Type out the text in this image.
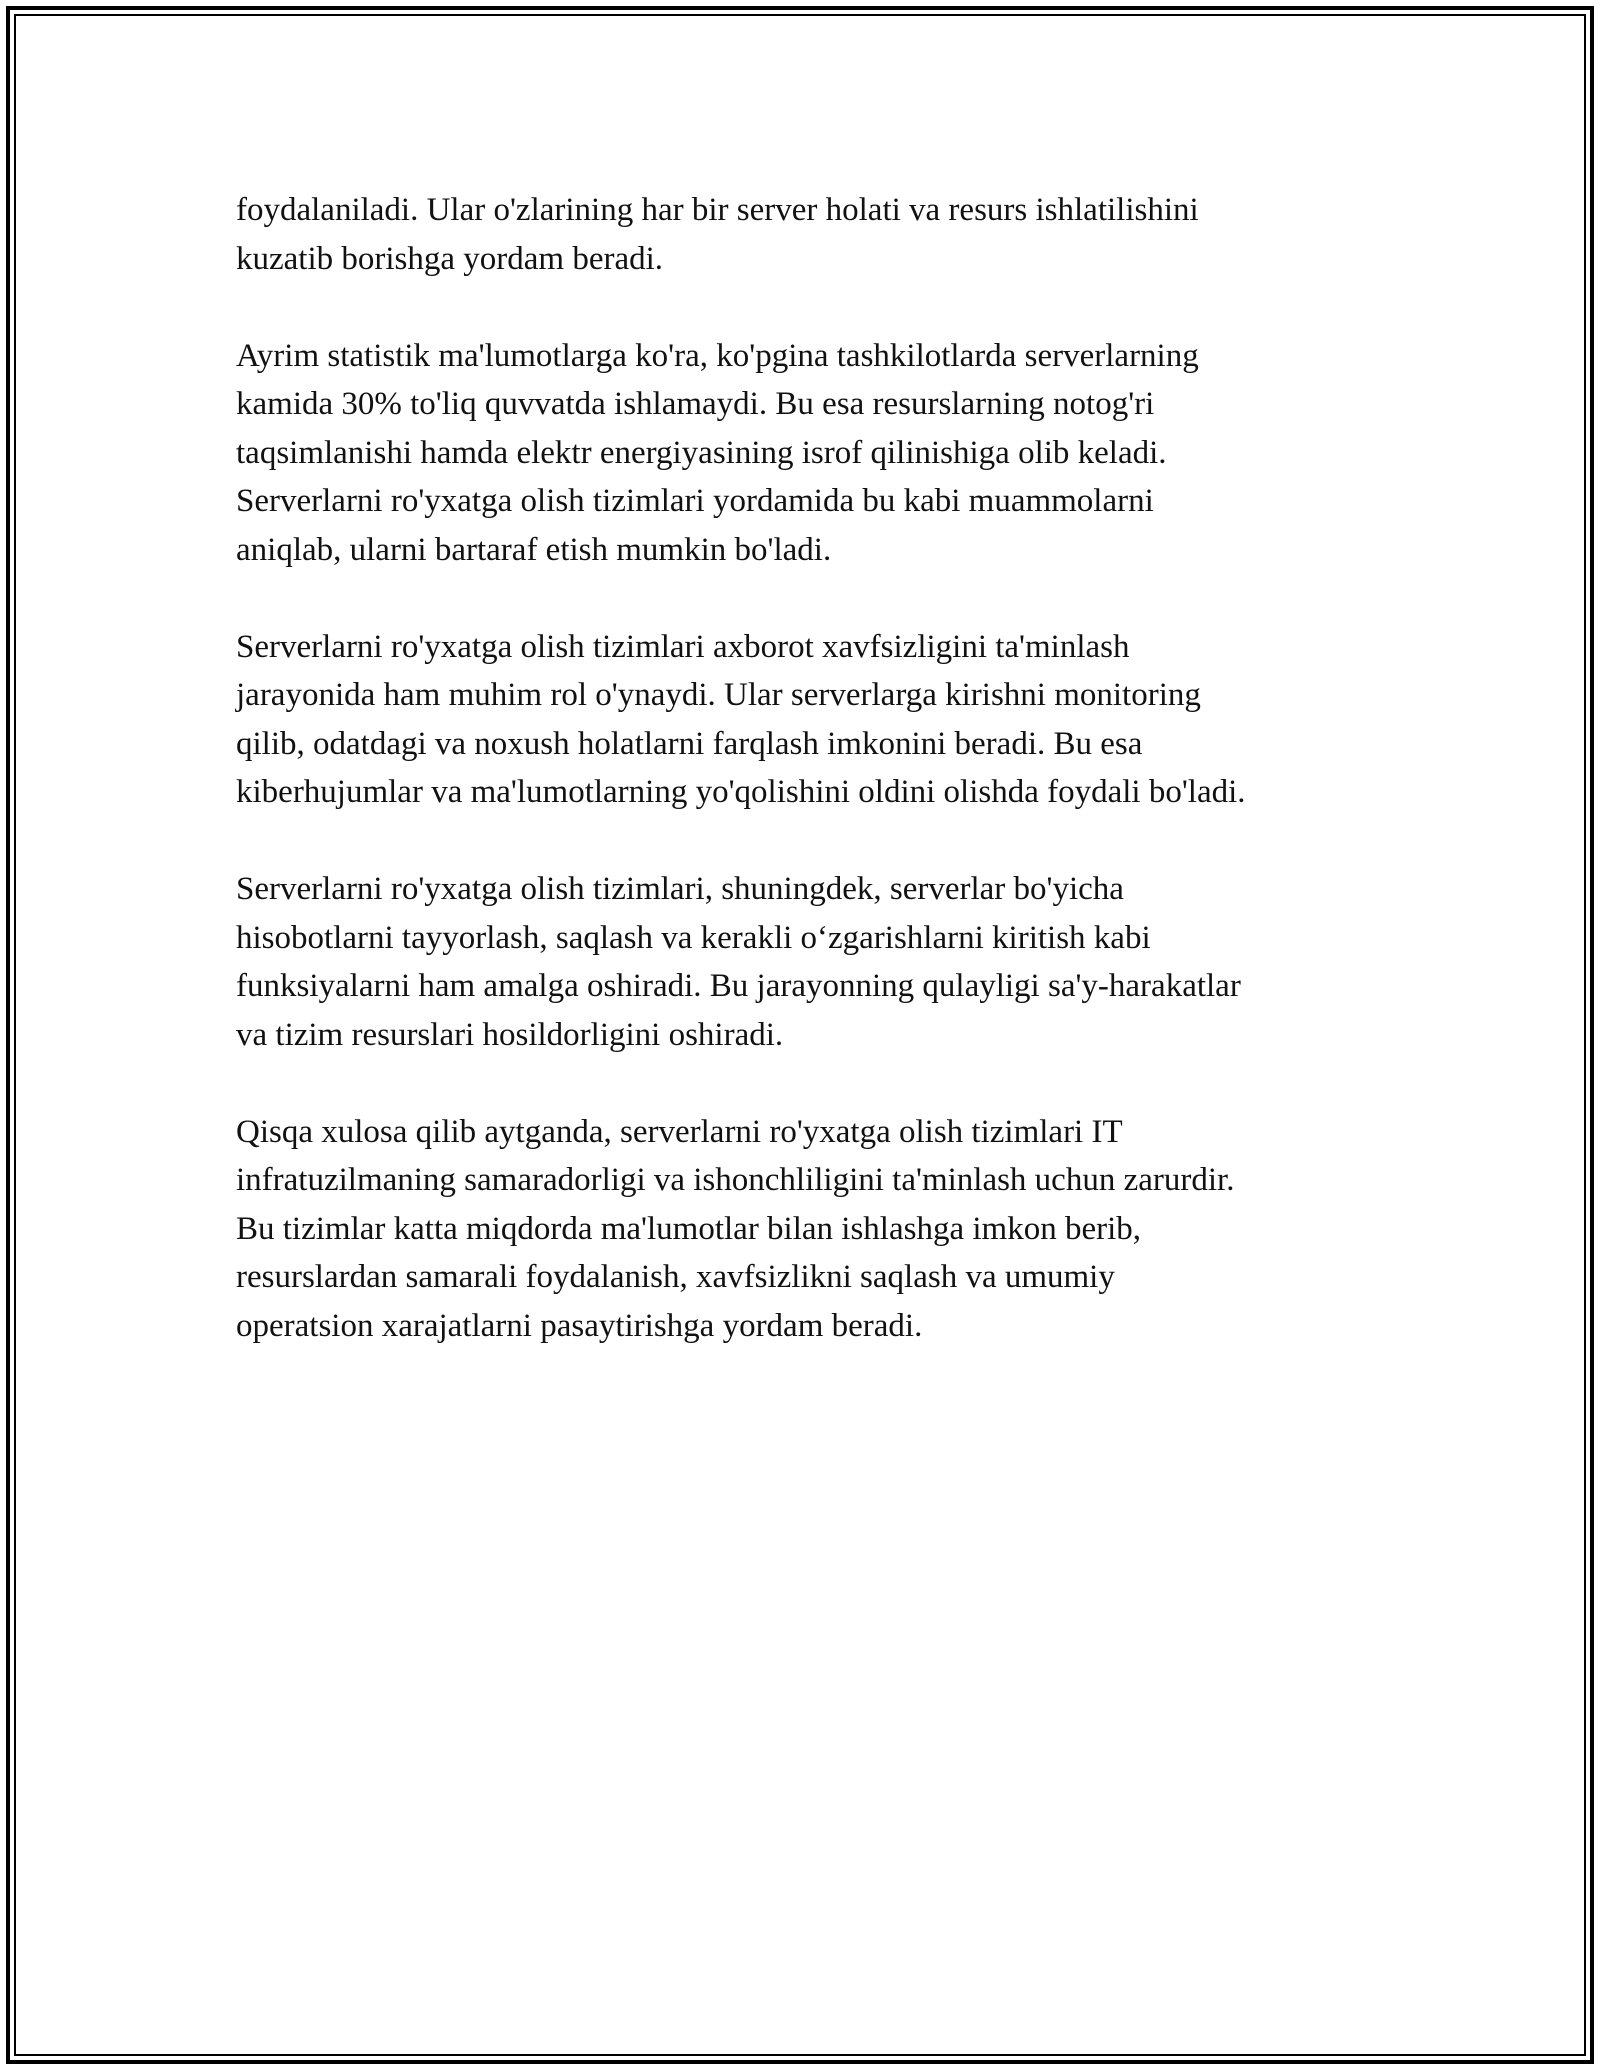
foydalaniladi. Ular o'zlarining har bir server holati va resurs ishlatilishini
kuzatib borishga yordam beradi.

Ayrim statistik ma'lumotlarga ko'ra, ko'pgina tashkilotlarda serverlarning
kamida 30% to'liq quvvatda ishlamaydi. Bu esa resurslarning notog'ri
taqsimlanishi hamda elektr energiyasining isrof qilinishiga olib keladi.
Serverlarni ro'yxatga olish tizimlari yordamida bu kabi muammolarni
aniqlab, ularni bartaraf etish mumkin bo'ladi.

Serverlarni ro'yxatga olish tizimlari axborot xavfsizligini ta'minlash
jarayonida ham muhim rol o'ynaydi. Ular serverlarga kirishni monitoring
qilib, odatdagi va noxush holatlarni farqlash imkonini beradi. Bu esa
kiberhujumlar va ma'lumotlarning yo'qolishini oldini olishda foydali bo'ladi.

Serverlarni ro'yxatga olish tizimlari, shuningdek, serverlar bo'yicha
hisobotlarni tayyorlash, saqlash va kerakli o‘zgarishlarni kiritish kabi
funksiyalarni ham amalga oshiradi. Bu jarayonning qulayligi sa'y-harakatlar
va tizim resurslari hosildorligini oshiradi.

Qisqa xulosa qilib aytganda, serverlarni ro'yxatga olish tizimlari IT
infratuzilmaning samaradorligi va ishonchliligini ta'minlash uchun zarurdir.
Bu tizimlar katta miqdorda ma'lumotlar bilan ishlashga imkon berib,
resurslardan samarali foydalanish, xavfsizlikni saqlash va umumiy
operatsion xarajatlarni pasaytirishga yordam beradi.
